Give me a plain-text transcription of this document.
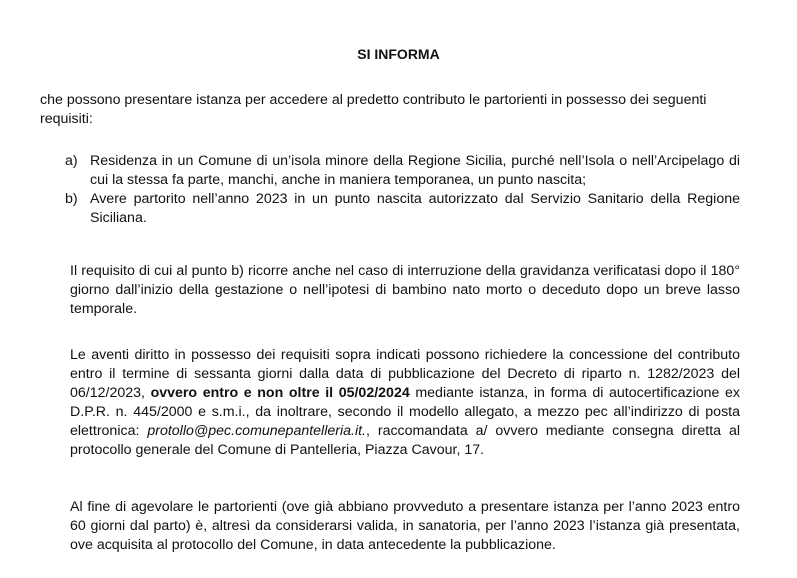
SI INFORMA

che possono presentare istanza per accedere al predetto contributo le partorienti in possesso dei seguenti requisiti:

a) Residenza in un Comune di un’isola minore della Regione Sicilia, purché nell’Isola o nell’Arcipelago di cui la stessa fa parte, manchi, anche in maniera temporanea, un punto nascita;
b) Avere partorito nell’anno 2023 in un punto nascita autorizzato dal Servizio Sanitario della Regione Siciliana.

Il requisito di cui al punto b) ricorre anche nel caso di interruzione della gravidanza verificatasi dopo il 180° giorno dall’inizio della gestazione o nell’ipotesi di bambino nato morto o deceduto dopo un breve lasso temporale.

Le aventi diritto in possesso dei requisiti sopra indicati possono richiedere la concessione del contributo entro il termine di sessanta giorni dalla data di pubblicazione del Decreto di riparto n. 1282/2023 del 06/12/2023, ovvero entro e non oltre il 05/02/2024 mediante istanza, in forma di autocertificazione ex D.P.R. n. 445/2000 e s.m.i., da inoltrare, secondo il modello allegato, a mezzo pec all’indirizzo di posta elettronica: protollo@pec.comunepantelleria.it., raccomandata a/ ovvero mediante consegna diretta al protocollo generale del Comune di Pantelleria, Piazza Cavour, 17.

Al fine di agevolare le partorienti (ove già abbiano provveduto a presentare istanza per l’anno 2023 entro 60 giorni dal parto) è, altresì da considerarsi valida, in sanatoria, per l’anno 2023 l’istanza già presentata, ove acquisita al protocollo del Comune, in data antecedente la pubblicazione.
